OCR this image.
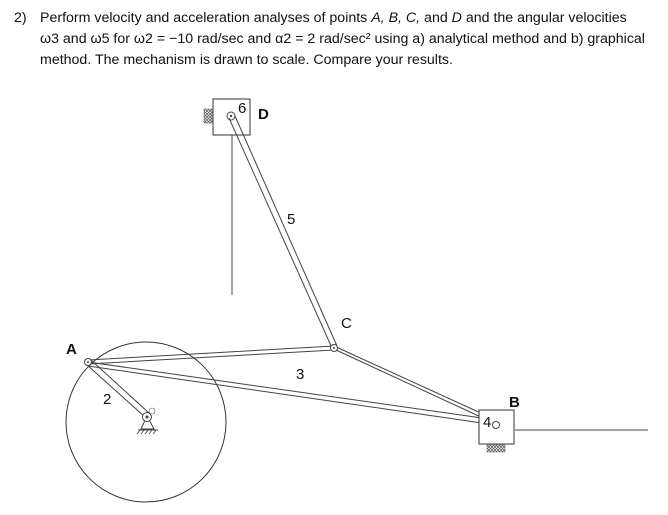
2) Perform velocity and acceleration analyses of points A, B, C, and D and the angular velocities
ω3 and ω5 for ω2 = −10 rad/sec and α2 = 2 rad/sec² using a) analytical method and b) graphical
method. The mechanism is drawn to scale. Compare your results.
A
B
C
D
2
3
4
5
6
